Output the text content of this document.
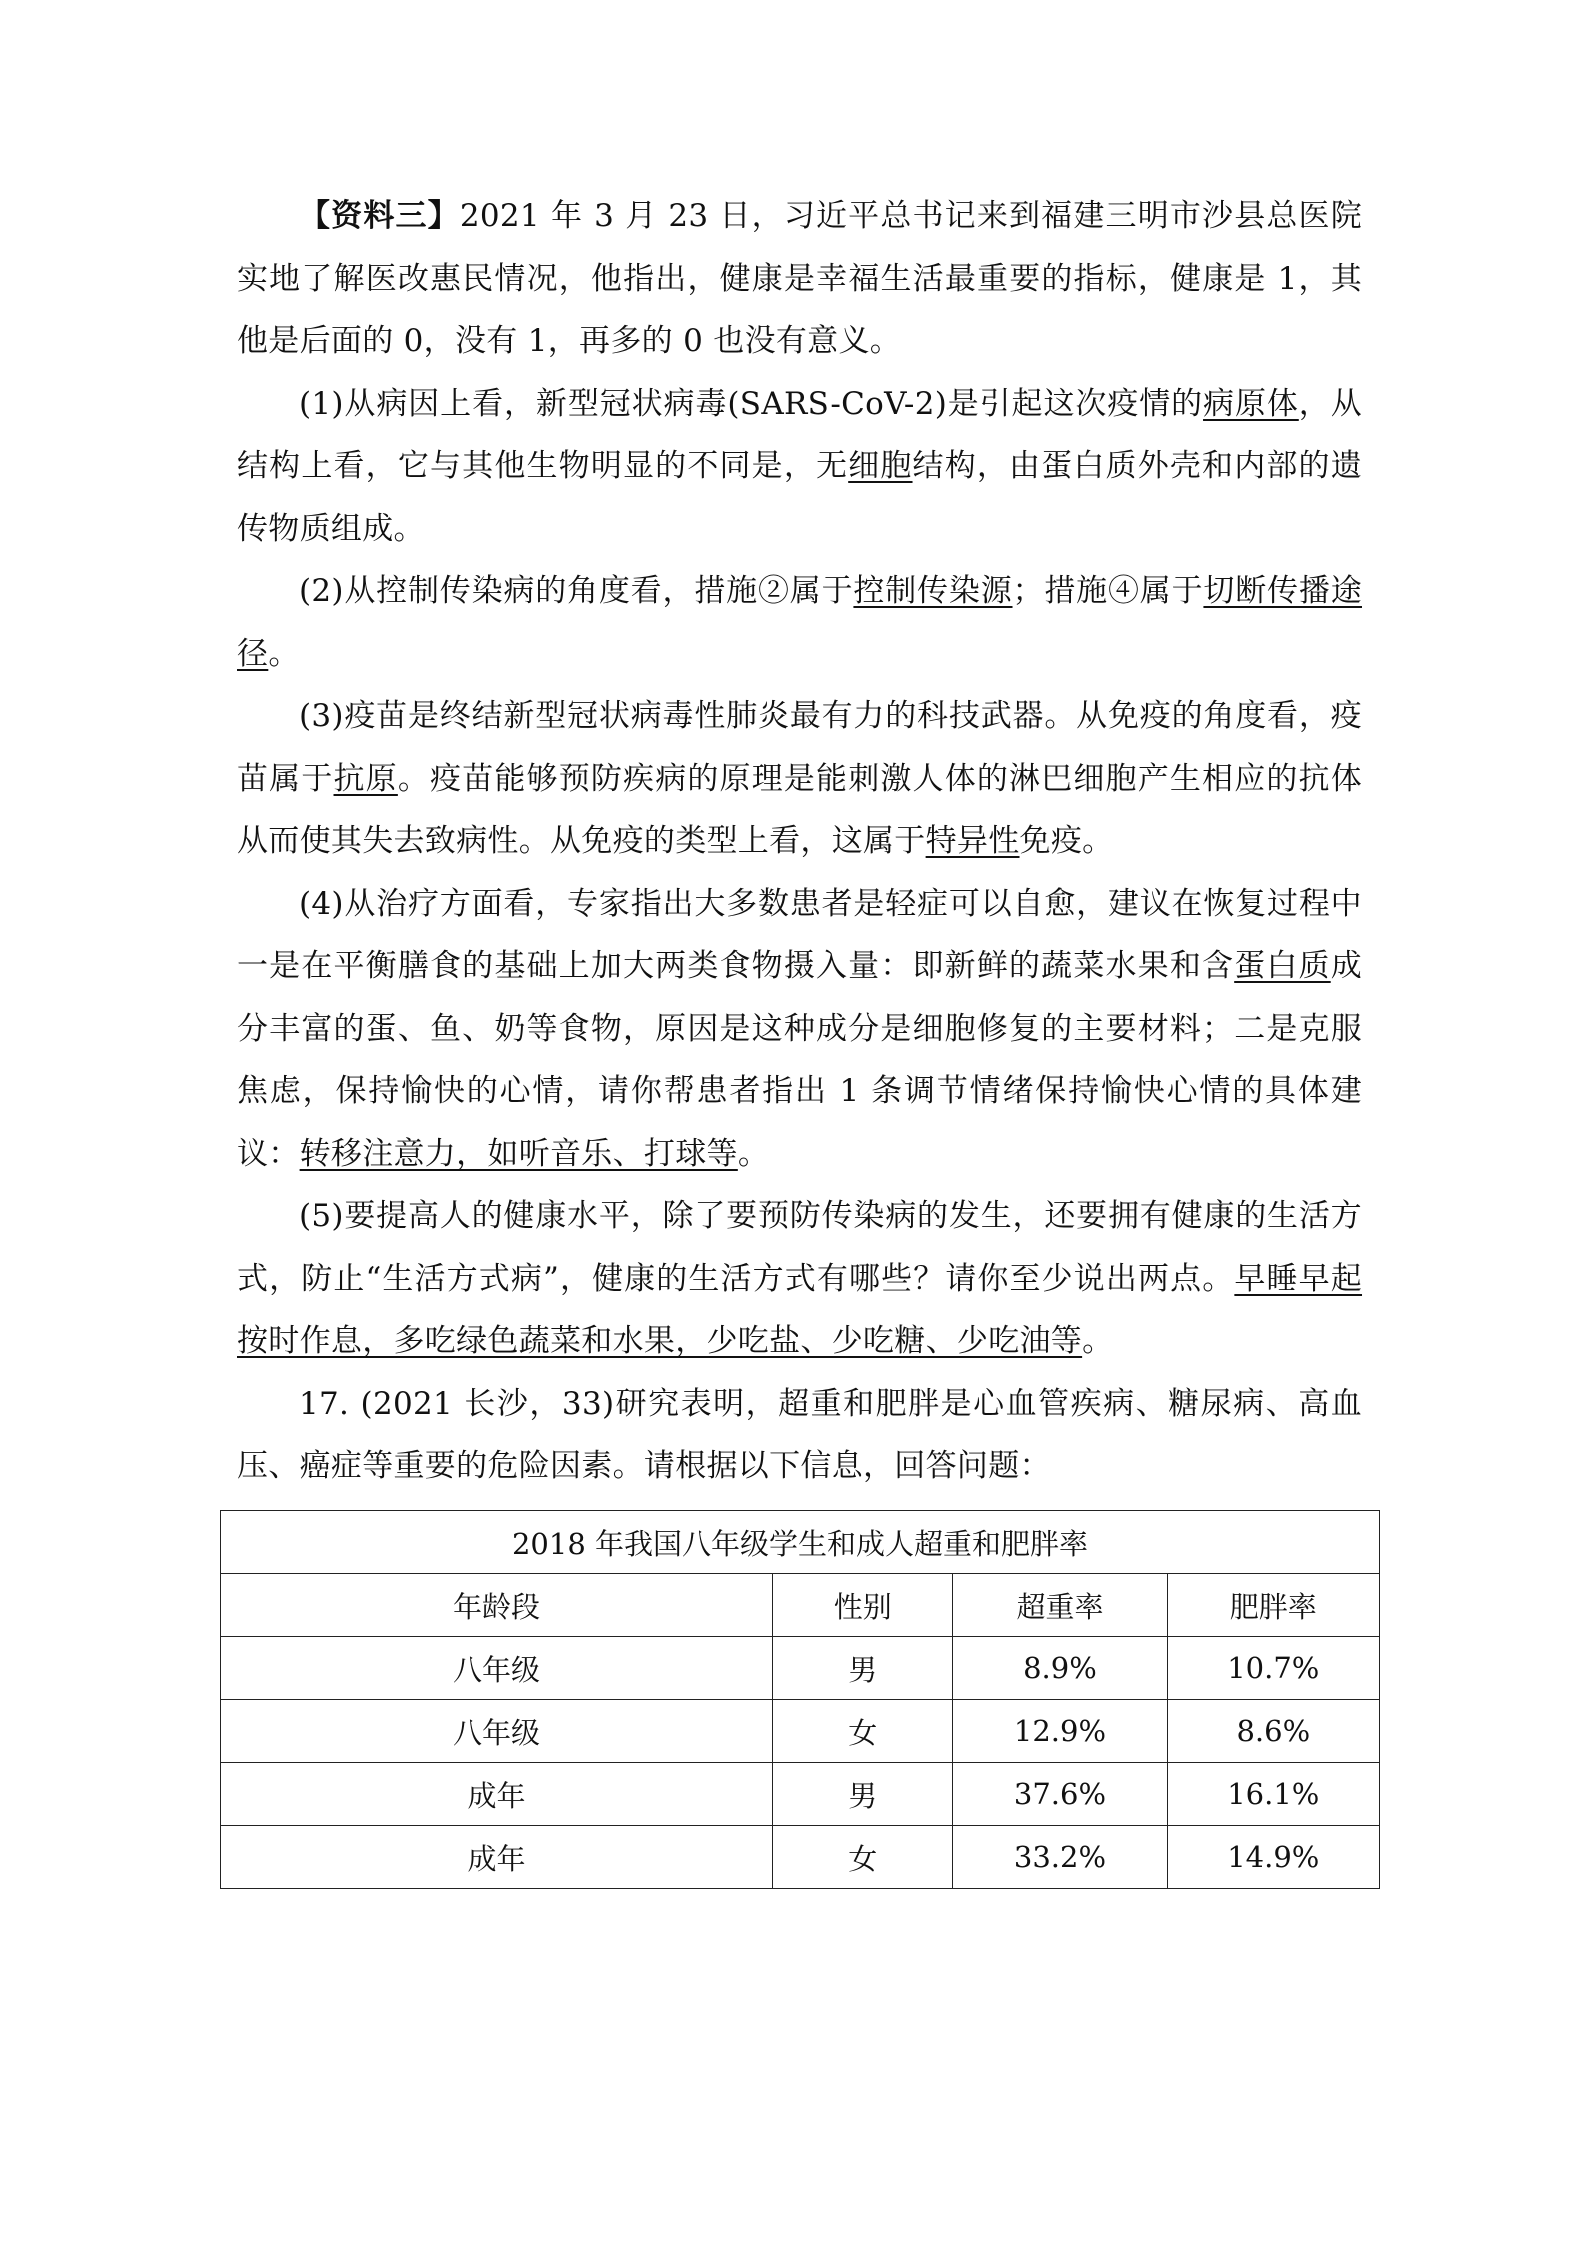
【资料三】2021 年 3 月 23 日，习近平总书记来到福建三明市沙县总医院实地了解医改惠民情况，他指出，健康是幸福生活最重要的指标，健康是 1，其他是后面的 0，没有 1，再多的 0 也没有意义。

(1)从病因上看，新型冠状病毒(SARS-CoV-2)是引起这次疫情的病原体，从结构上看，它与其他生物明显的不同是，无细胞结构，由蛋白质外壳和内部的遗传物质组成。

(2)从控制传染病的角度看，措施②属于控制传染源；措施④属于切断传播途径。

(3)疫苗是终结新型冠状病毒性肺炎最有力的科技武器。从免疫的角度看，疫苗属于抗原。疫苗能够预防疾病的原理是能刺激人体的淋巴细胞产生相应的抗体从而使其失去致病性。从免疫的类型上看，这属于特异性免疫。

(4)从治疗方面看，专家指出大多数患者是轻症可以自愈，建议在恢复过程中一是在平衡膳食的基础上加大两类食物摄入量：即新鲜的蔬菜水果和含蛋白质成分丰富的蛋、鱼、奶等食物，原因是这种成分是细胞修复的主要材料；二是克服焦虑，保持愉快的心情，请你帮患者指出 1 条调节情绪保持愉快心情的具体建议：转移注意力，如听音乐、打球等。

(5)要提高人的健康水平，除了要预防传染病的发生，还要拥有健康的生活方式，防止“生活方式病”，健康的生活方式有哪些？请你至少说出两点。早睡早起按时作息，多吃绿色蔬菜和水果，少吃盐、少吃糖、少吃油等。

17. (2021 长沙，33)研究表明，超重和肥胖是心血管疾病、糖尿病、高血压、癌症等重要的危险因素。请根据以下信息，回答问题：

2018 年我国八年级学生和成人超重和肥胖率			
年龄段	性别	超重率	肥胖率
八年级	男	8.9%	10.7%
八年级	女	12.9%	8.6%
成年	男	37.6%	16.1%
成年	女	33.2%	14.9%
